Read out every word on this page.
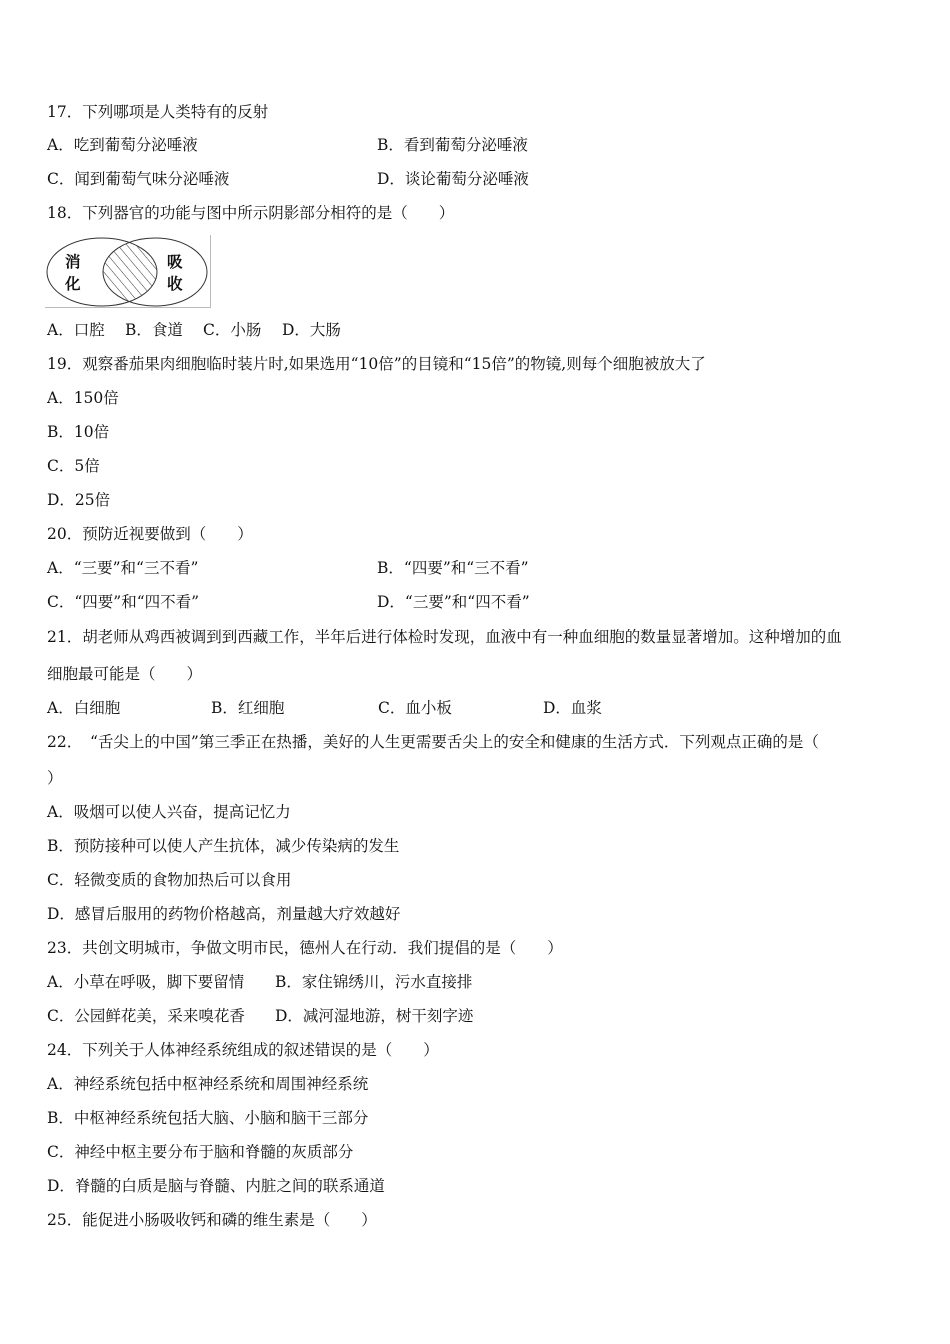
17．下列哪项是人类特有的反射
A．吃到葡萄分泌唾液	B．看到葡萄分泌唾液
C．闻到葡萄气味分泌唾液	D．谈论葡萄分泌唾液
18．下列器官的功能与图中所示阴影部分相符的是（　　）
消化
吸收
A．口腔 B．食道 C．小肠 D．大肠
19．观察番茄果肉细胞临时装片时,如果选用“10倍”的目镜和“15倍”的物镜,则每个细胞被放大了
A．150倍
B．10倍
C．5倍
D．25倍
20．预防近视要做到（　　）
A．“三要”和“三不看”	B．“四要”和“三不看”
C．“四要”和“四不看”	D．“三要”和“四不看”
21．胡老师从鸡西被调到到西藏工作，半年后进行体检时发现，血液中有一种血细胞的数量显著增加。这种增加的血
细胞最可能是（　　）
A．白细胞	B．红细胞	C．血小板	D．血浆
22．　“舌尖上的中国”第三季正在热播，美好的人生更需要舌尖上的安全和健康的生活方式．下列观点正确的是（
）
A．吸烟可以使人兴奋，提高记忆力
B．预防接种可以使人产生抗体，减少传染病的发生
C．轻微变质的食物加热后可以食用
D．感冒后服用的药物价格越高，剂量越大疗效越好
23．共创文明城市，争做文明市民，德州人在行动．我们提倡的是（　　）
A．小草在呼吸，脚下要留情 B．家住锦绣川，污水直接排
C．公园鲜花美，采来嗅花香 D．减河湿地游，树干刻字迹
24．下列关于人体神经系统组成的叙述错误的是（　　）
A．神经系统包括中枢神经系统和周围神经系统
B．中枢神经系统包括大脑、小脑和脑干三部分
C．神经中枢主要分布于脑和脊髓的灰质部分
D．脊髓的白质是脑与脊髓、内脏之间的联系通道
25．能促进小肠吸收钙和磷的维生素是（　　）
